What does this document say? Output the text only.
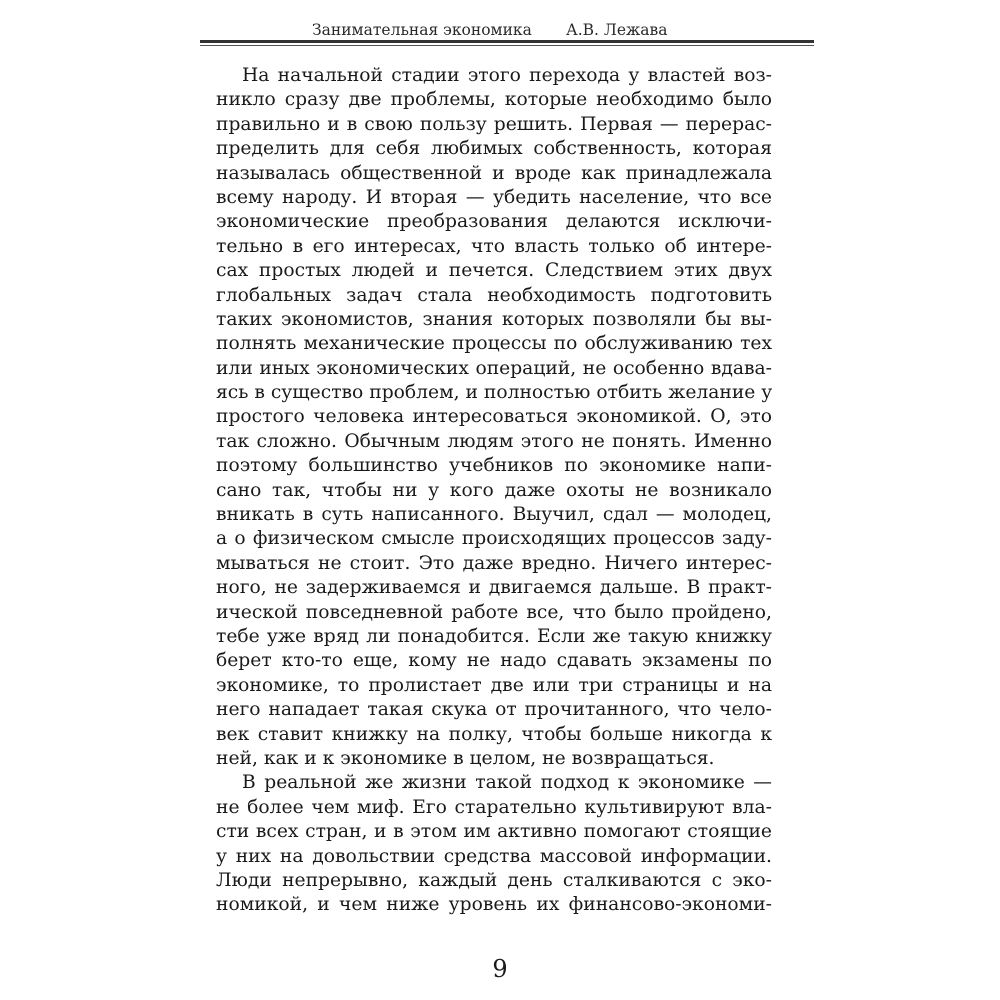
Занимательная экономика А.В. Лежава
На начальной стадии этого перехода у властей воз-
никло сразу две проблемы, которые необходимо было
правильно и в свою пользу решить. Первая — перерас-
пределить для себя любимых собственность, которая
называлась общественной и вроде как принадлежала
всему народу. И вторая — убедить население, что все
экономические преобразования делаются исключи-
тельно в его интересах, что власть только об интере-
сах простых людей и печется. Следствием этих двух
глобальных задач стала необходимость подготовить
таких экономистов, знания которых позволяли бы вы-
полнять механические процессы по обслуживанию тех
или иных экономических операций, не особенно вдава-
ясь в существо проблем, и полностью отбить желание у
простого человека интересоваться экономикой. О, это
так сложно. Обычным людям этого не понять. Именно
поэтому большинство учебников по экономике напи-
сано так, чтобы ни у кого даже охоты не возникало
вникать в суть написанного. Выучил, сдал — молодец,
а о физическом смысле происходящих процессов заду-
мываться не стоит. Это даже вредно. Ничего интерес-
ного, не задерживаемся и двигаемся дальше. В практ-
ической повседневной работе все, что было пройдено,
тебе уже вряд ли понадобится. Если же такую книжку
берет кто-то еще, кому не надо сдавать экзамены по
экономике, то пролистает две или три страницы и на
него нападает такая скука от прочитанного, что чело-
век ставит книжку на полку, чтобы больше никогда к
ней, как и к экономике в целом, не возвращаться.
В реальной же жизни такой подход к экономике —
не более чем миф. Его старательно культивируют вла-
сти всех стран, и в этом им активно помогают стоящие
у них на довольствии средства массовой информации.
Люди непрерывно, каждый день сталкиваются с эко-
номикой, и чем ниже уровень их финансово-экономи-
9
